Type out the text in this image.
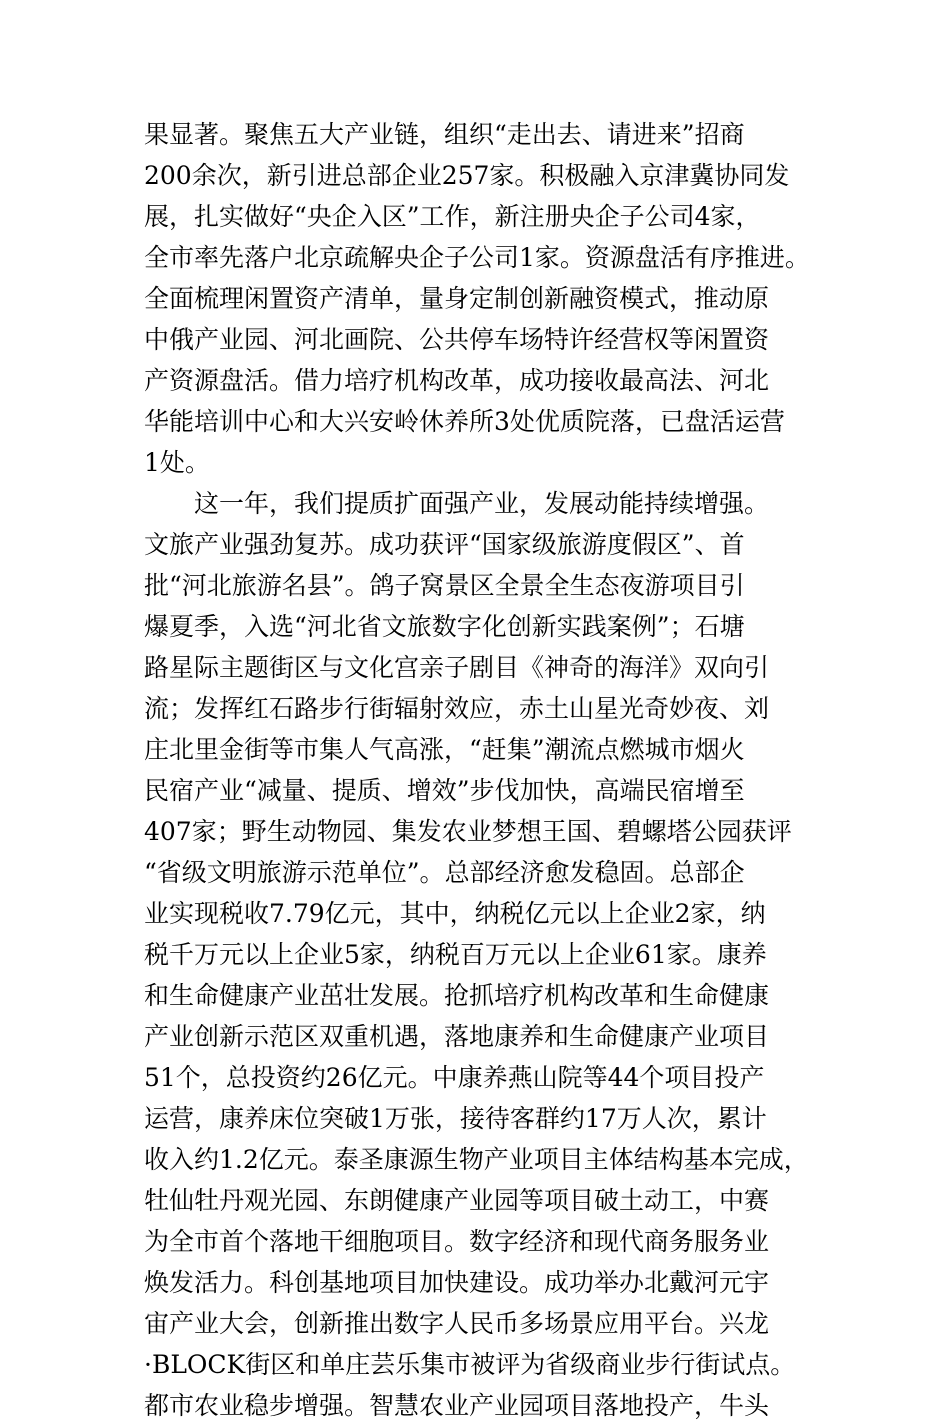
果显著。聚焦五大产业链，组织“走出去、请进来”招商
200余次，新引进总部企业257家。积极融入京津冀协同发
展，扎实做好“央企入区”工作，新注册央企子公司4家，
全市率先落户北京疏解央企子公司1家。资源盘活有序推进。
全面梳理闲置资产清单，量身定制创新融资模式，推动原
中俄产业园、河北画院、公共停车场特许经营权等闲置资
产资源盘活。借力培疗机构改革，成功接收最高法、河北
华能培训中心和大兴安岭休养所3处优质院落，已盘活运营
1处。
　　这一年，我们提质扩面强产业，发展动能持续增强。
文旅产业强劲复苏。成功获评“国家级旅游度假区”、首
批“河北旅游名县”。鸽子窝景区全景全生态夜游项目引
爆夏季，入选“河北省文旅数字化创新实践案例”；石塘
路星际主题街区与文化宫亲子剧目《神奇的海洋》双向引
流；发挥红石路步行街辐射效应，赤土山星光奇妙夜、刘
庄北里金街等市集人气高涨，“赶集”潮流点燃城市烟火
民宿产业“减量、提质、增效”步伐加快，高端民宿增至
407家；野生动物园、集发农业梦想王国、碧螺塔公园获评
“省级文明旅游示范单位”。总部经济愈发稳固。总部企
业实现税收7.79亿元，其中，纳税亿元以上企业2家，纳
税千万元以上企业5家，纳税百万元以上企业61家。康养
和生命健康产业茁壮发展。抢抓培疗机构改革和生命健康
产业创新示范区双重机遇，落地康养和生命健康产业项目
51个，总投资约26亿元。中康养燕山院等44个项目投产
运营，康养床位突破1万张，接待客群约17万人次，累计
收入约1.2亿元。泰圣康源生物产业项目主体结构基本完成，
牡仙牡丹观光园、东朗健康产业园等项目破土动工，中赛
为全市首个落地干细胞项目。数字经济和现代商务服务业
焕发活力。科创基地项目加快建设。成功举办北戴河元宇
宙产业大会，创新推出数字人民币多场景应用平台。兴龙
·BLOCK街区和单庄芸乐集市被评为省级商业步行街试点。
都市农业稳步增强。智慧农业产业园项目落地投产，牛头
